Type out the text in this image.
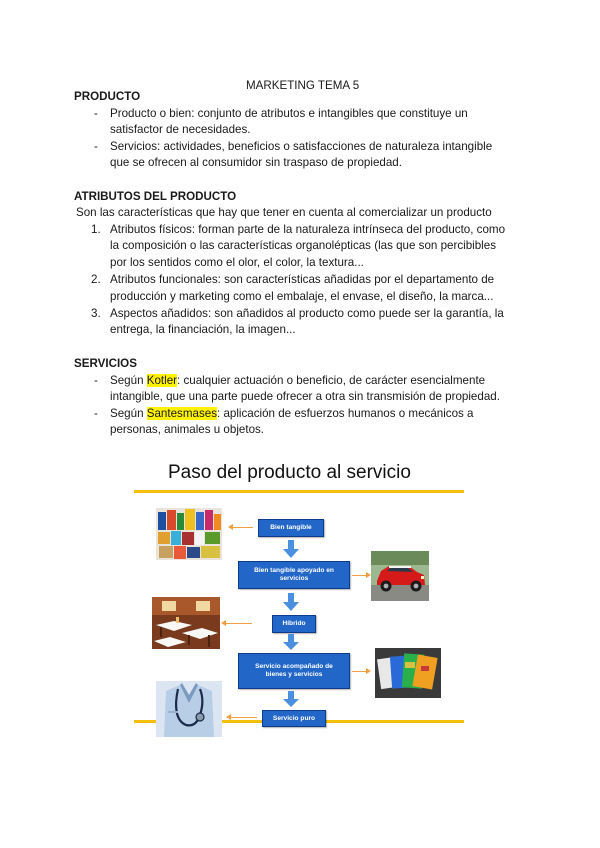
MARKETING TEMA 5
PRODUCTO
- Producto o bien: conjunto de atributos e intangibles que constituye un
satisfactor de necesidades.
- Servicios: actividades, beneficios o satisfacciones de naturaleza intangible
que se ofrecen al consumidor sin traspaso de propiedad.
ATRIBUTOS DEL PRODUCTO
Son las características que hay que tener en cuenta al comercializar un producto
1. Atributos físicos: forman parte de la naturaleza intrínseca del producto, como
la composición o las características organolépticas (las que son percibibles
por los sentidos como el olor, el color, la textura...
2. Atributos funcionales: son características añadidas por el departamento de
producción y marketing como el embalaje, el envase, el diseño, la marca...
3. Aspectos añadidos: son añadidos al producto como puede ser la garantía, la
entrega, la financiación, la imagen...
SERVICIOS
- Según Kotler: cualquier actuación o beneficio, de carácter esencialmente
intangible, que una parte puede ofrecer a otra sin transmisión de propiedad.
- Según Santesmases: aplicación de esfuerzos humanos o mecánicos a
personas, animales u objetos.
Paso del producto al servicio
Bien tangible
Bien tangible apoyado en
servicios
Híbrido
Servicio acompañado de
bienes y servicios
Servicio puro
